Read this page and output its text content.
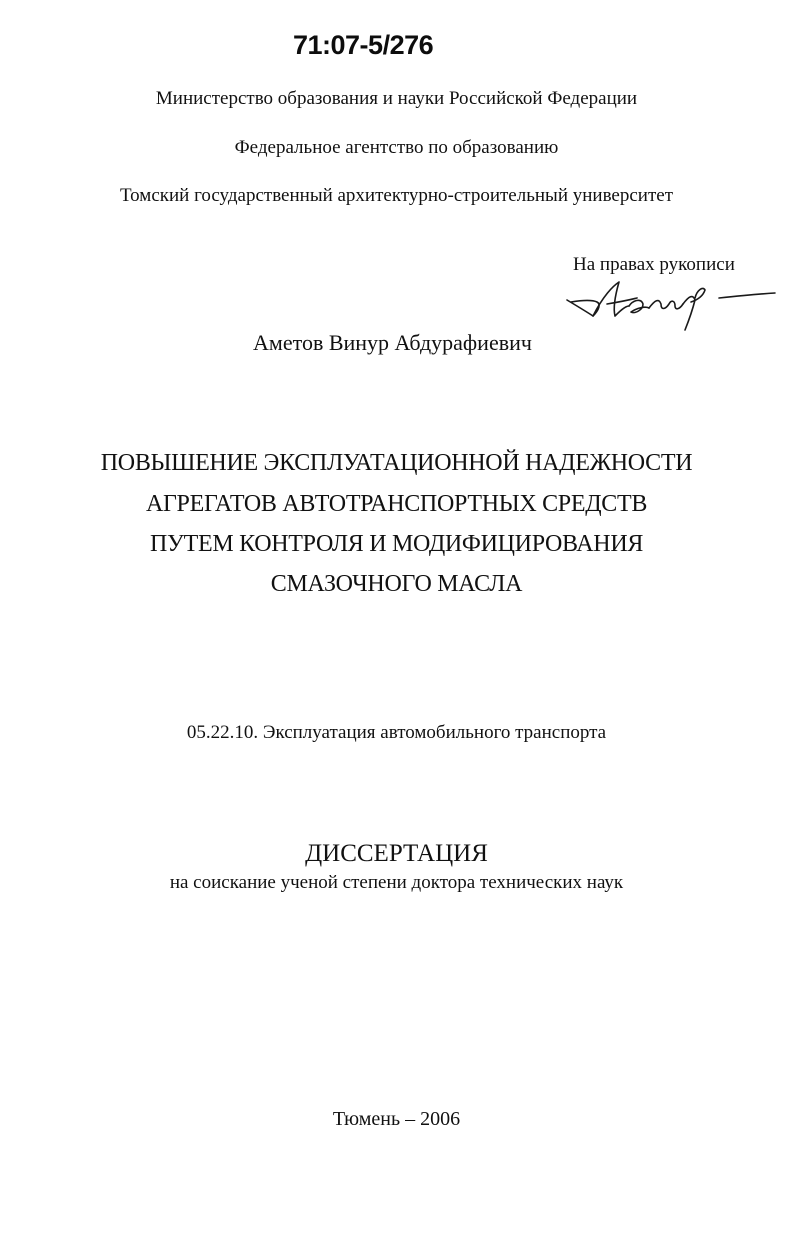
71:07-5/276
Министерство образования и науки Российской Федерации
Федеральное агентство по образованию
Томский государственный архитектурно-строительный университет
На правах рукописи
Аметов Винур Абдурафиевич
ПОВЫШЕНИЕ ЭКСПЛУАТАЦИОННОЙ НАДЕЖНОСТИ
АГРЕГАТОВ АВТОТРАНСПОРТНЫХ СРЕДСТВ
ПУТЕМ КОНТРОЛЯ И МОДИФИЦИРОВАНИЯ
СМАЗОЧНОГО МАСЛА
05.22.10. Эксплуатация автомобильного транспорта
ДИССЕРТАЦИЯ
на соискание ученой степени доктора технических наук
Тюмень – 2006
